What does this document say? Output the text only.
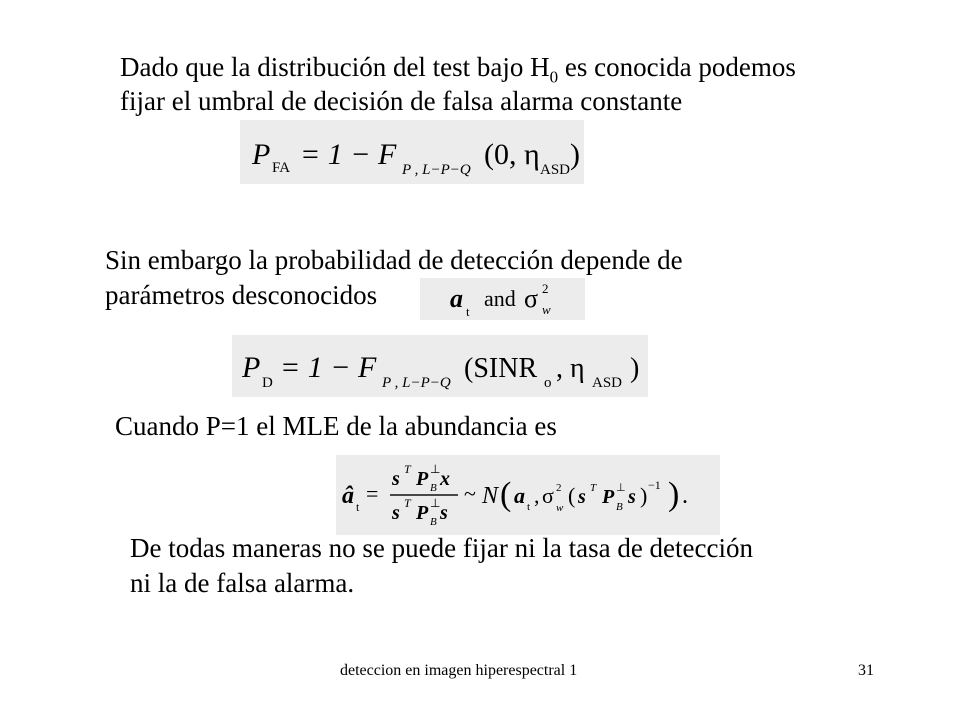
Dado que la distribución del test bajo $H_0$ es conocida podemos
fijar el umbral de decisión de falsa alarma constante
P FA = 1 − F P , L−P−Q (0, η ASD )
Sin embargo la probabilidad de detección depende de
parámetros desconocidos	a t
and σ 2
w
P D = 1 − F P , L−P−Q (SINR o , η ASD )
Cuando P=1 el MLE de la abundancia es
â t
=
s T P ⊥
B x
s T P ⊥
B s
~ N ( a t , σ 2
w ( s T P ⊥
B s ) −1 ) .
De todas maneras no se puede fijar ni la tasa de detección
ni la de falsa alarma.
deteccion en imagen hiperespectral 1	31
